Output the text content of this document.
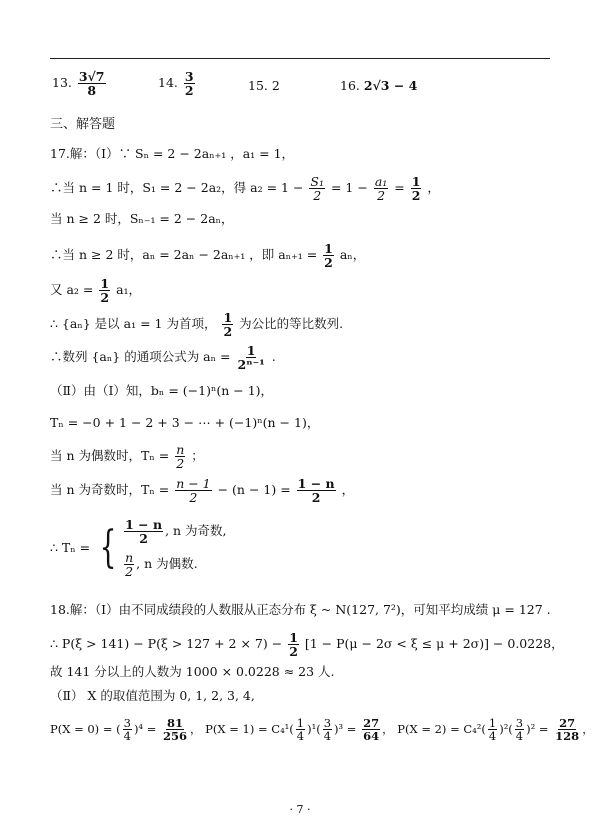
13. $\frac{3√7}{8}$	14. $\frac{3}{2}$	15. 2	16. 2√3 − 4
三、解答题
17.解：（Ⅰ）∵ Sₙ = 2 − 2aₙ₊₁ ，a₁ = 1，
∴当 n = 1 时，S₁ = 2 − 2a₂，得 $a_2 = 1 - \frac{\text{S₁}}{2} = 1 - \frac{\text{a₁}}{2} = \frac{1}{2}$ ，
当 n ≥ 2 时，Sₙ₋₁ = 2 − 2aₙ，
∴当 n ≥ 2 时，aₙ = 2aₙ − 2aₙ₊₁ ，即 $a_{n+1} = \frac{1}{2}$ aₙ，
又 $a_2 = \frac{1}{2} a_1$，
∴ {aₙ} 是以 a₁ = 1 为首项， $\frac{1}{2}$ 为公比的等比数列.
∴数列 {aₙ} 的通项公式为 $a_n = \frac{1}{\text{2ⁿ⁻¹}}$ .
（Ⅱ）由（Ⅰ）知，bₙ = (−1)ⁿ(n − 1)，
Tₙ = −0 + 1 − 2 + 3 − ⋯ + (−1)ⁿ(n − 1)，
当 n 为偶数时，$T_n = \frac{n}{2}$ ；
当 n 为奇数时，$T_n = \frac{n - 1}{2} - (n - 1) = \frac{1 - n}{2}$ ，
∴ Tₙ = { $\frac{1 - n}{2}$ , n 为奇数,
$\frac{n}{2}$ , n 为偶数.
18.解：（Ⅰ）由不同成绩段的人数服从正态分布 ξ ~ N(127, 7²)，可知平均成绩 μ = 127 .
∴ $P(\xi > 141) - P(\xi > 127 + 2 \times 7) - \frac{1}{2} [1 - P(\mu - 2\sigma < \xi \le \mu + 2\sigma)] - 0.0228$，
故 141 分以上的人数为 1000 × 0.0228 ≈ 23 人.
（Ⅱ） X 的取值范围为 0, 1, 2, 3, 4,
P(X = 0) = ( $\frac{3}{4} )^4 = \frac{81}{256}$ ， $P(X = 1) = C_4^1( \frac{1}{4} )^1( \frac{3}{4} )^3 = \frac{27}{64}$ ， $P(X = 2) = C_4^2( \frac{1}{4} )^2( \frac{3}{4} )^2 = \frac{27}{128}$ ，
· 7 ·
